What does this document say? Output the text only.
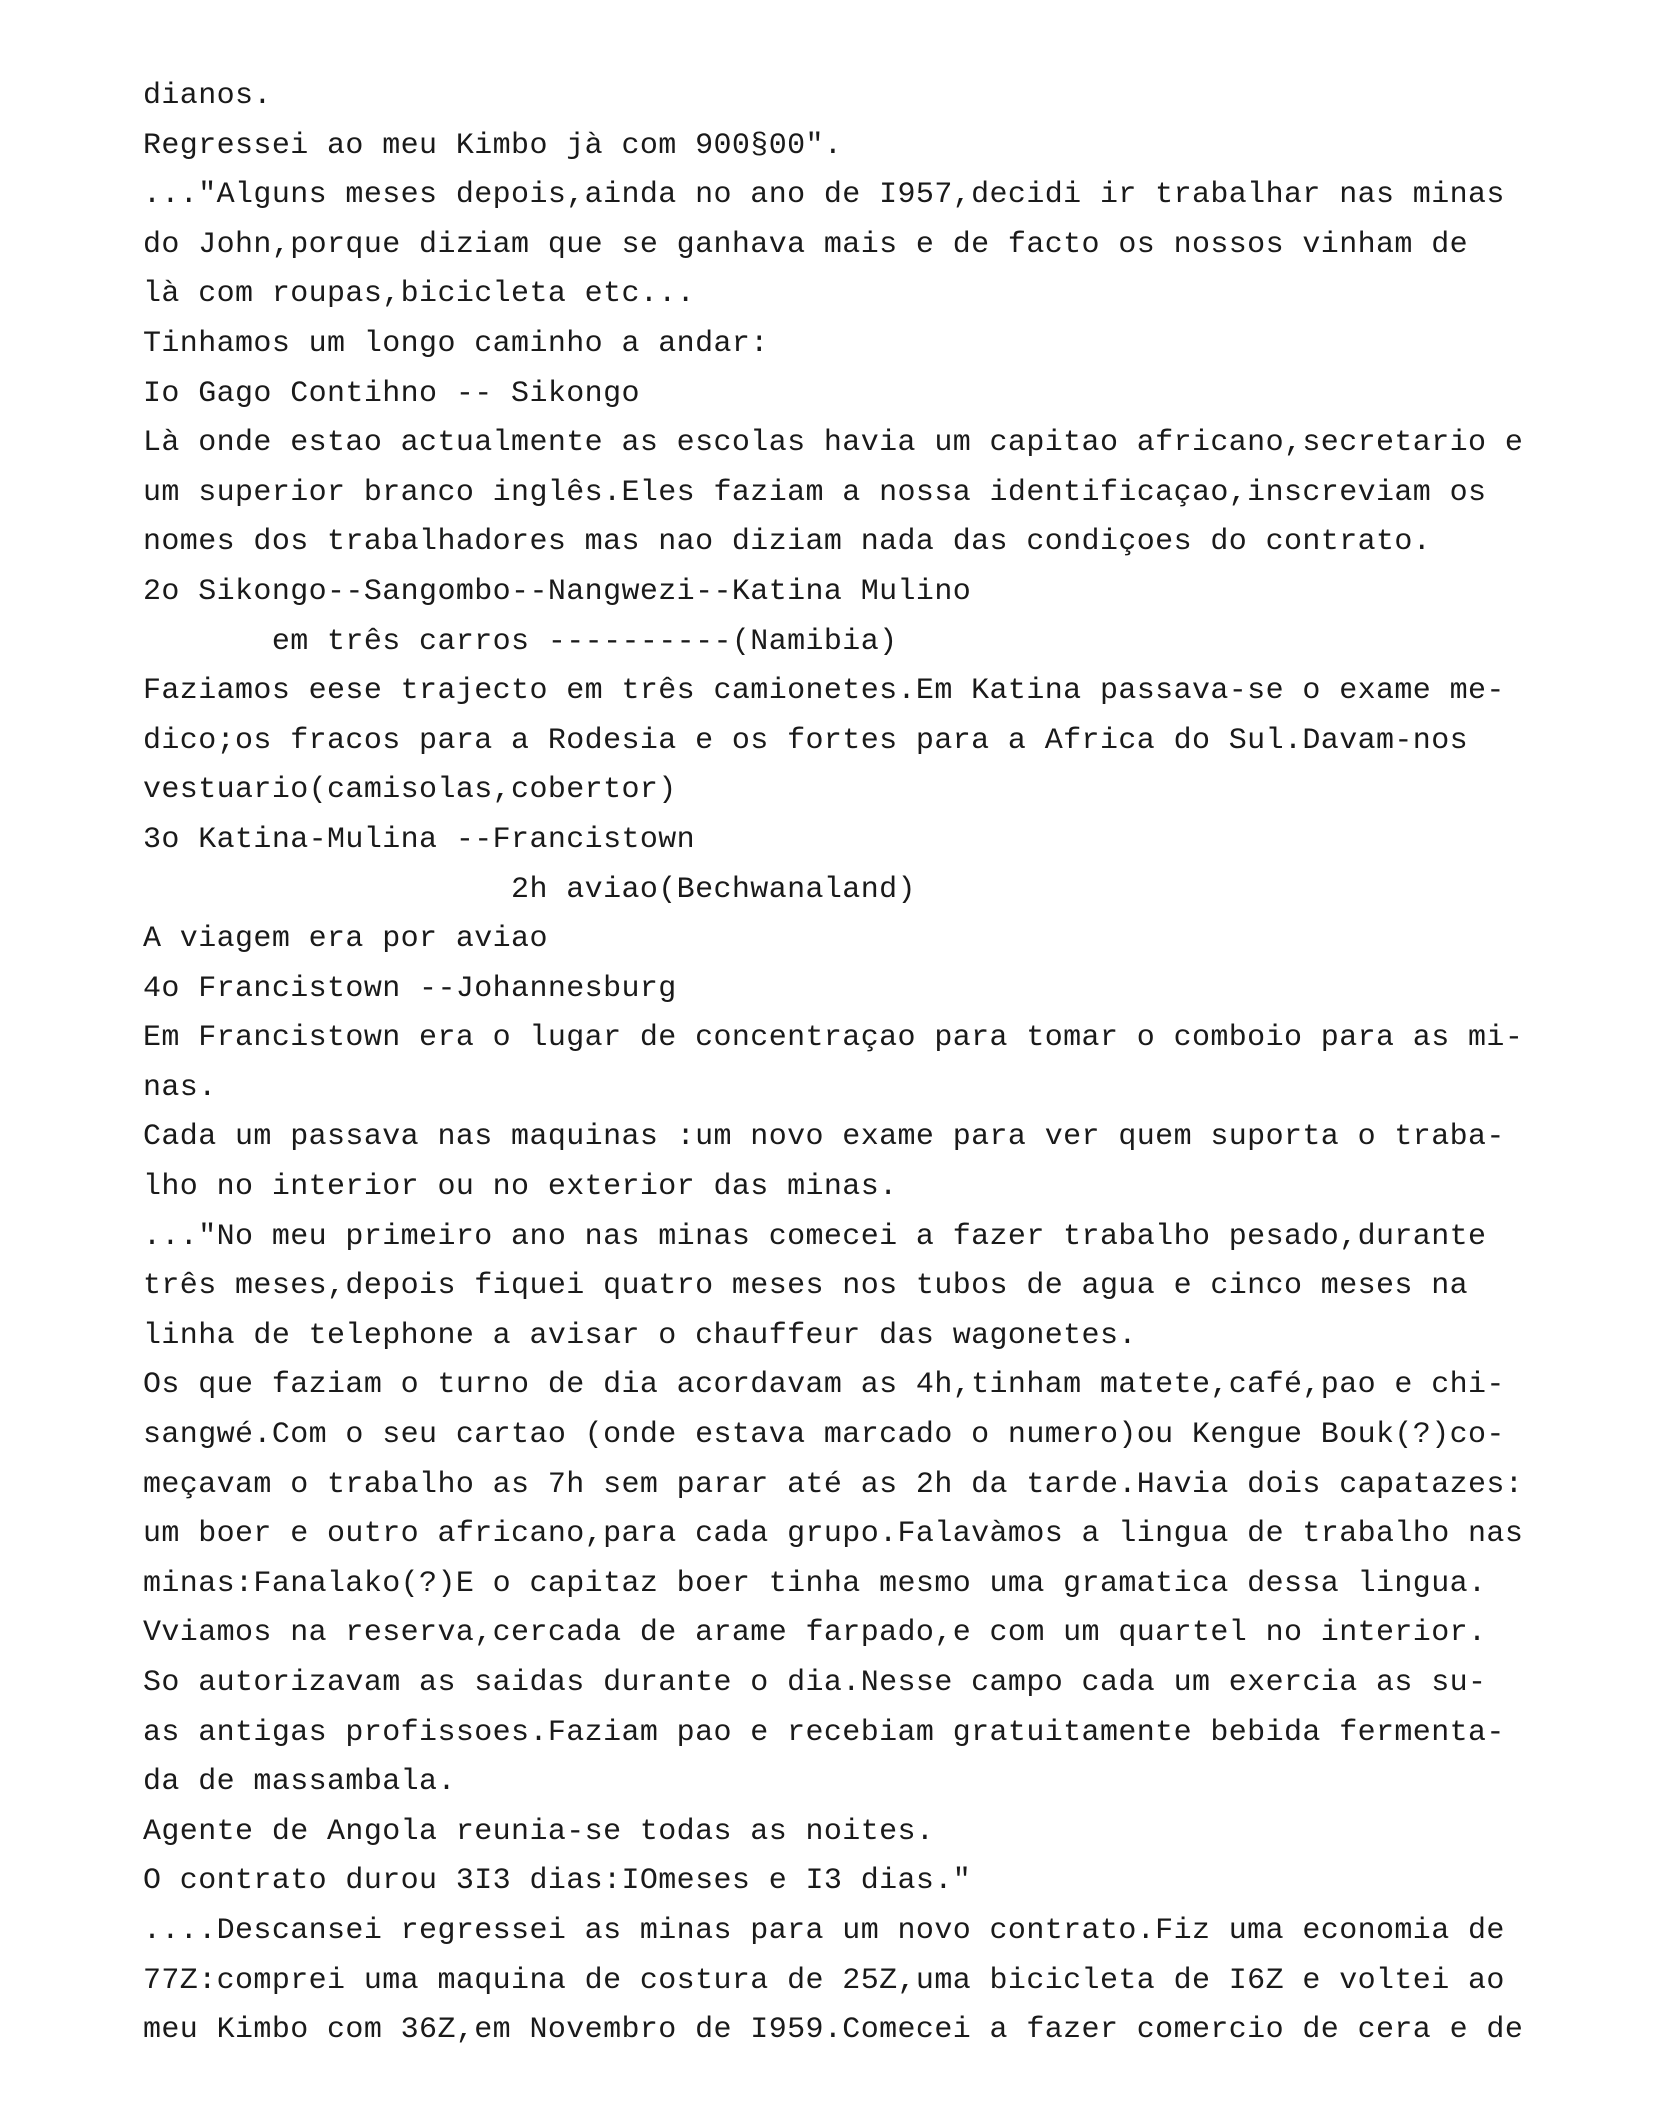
dianos.
Regressei ao meu Kimbo jà com 900§00".
..."Alguns meses depois,ainda no ano de I957,decidi ir trabalhar nas minas
do John,porque diziam que se ganhava mais e de facto os nossos vinham de
là com roupas,bicicleta etc...
Tinhamos um longo caminho a andar:
Io Gago Contihno -- Sikongo
Là onde estao actualmente as escolas havia um capitao africano,secretario e
um superior branco inglês.Eles faziam a nossa identificaçao,inscreviam os
nomes dos trabalhadores mas nao diziam nada das condiçoes do contrato.
2o Sikongo--Sangombo--Nangwezi--Katina Mulino
em três carros ----------(Namibia)
Faziamos eese trajecto em três camionetes.Em Katina passava-se o exame me-
dico;os fracos para a Rodesia e os fortes para a Africa do Sul.Davam-nos
vestuario(camisolas,cobertor)
3o Katina-Mulina --Francistown
2h aviao(Bechwanaland)
A viagem era por aviao
4o Francistown --Johannesburg
Em Francistown era o lugar de concentraçao para tomar o comboio para as mi-
nas.
Cada um passava nas maquinas :um novo exame para ver quem suporta o traba-
lho no interior ou no exterior das minas.
..."No meu primeiro ano nas minas comecei a fazer trabalho pesado,durante
três meses,depois fiquei quatro meses nos tubos de agua e cinco meses na
linha de telephone a avisar o chauffeur das wagonetes.
Os que faziam o turno de dia acordavam as 4h,tinham matete,café,pao e chi-
sangwé.Com o seu cartao (onde estava marcado o numero)ou Kengue Bouk(?)co-
meçavam o trabalho as 7h sem parar até as 2h da tarde.Havia dois capatazes:
um boer e outro africano,para cada grupo.Falavàmos a lingua de trabalho nas
minas:Fanalako(?)E o capitaz boer tinha mesmo uma gramatica dessa lingua.
Vviamos na reserva,cercada de arame farpado,e com um quartel no interior.
So autorizavam as saidas durante o dia.Nesse campo cada um exercia as su-
as antigas profissoes.Faziam pao e recebiam gratuitamente bebida fermenta-
da de massambala.
Agente de Angola reunia-se todas as noites.
O contrato durou 3I3 dias:IOmeses e I3 dias."
....Descansei regressei as minas para um novo contrato.Fiz uma economia de
77Z:comprei uma maquina de costura de 25Z,uma bicicleta de I6Z e voltei ao
meu Kimbo com 36Z,em Novembro de I959.Comecei a fazer comercio de cera e de
